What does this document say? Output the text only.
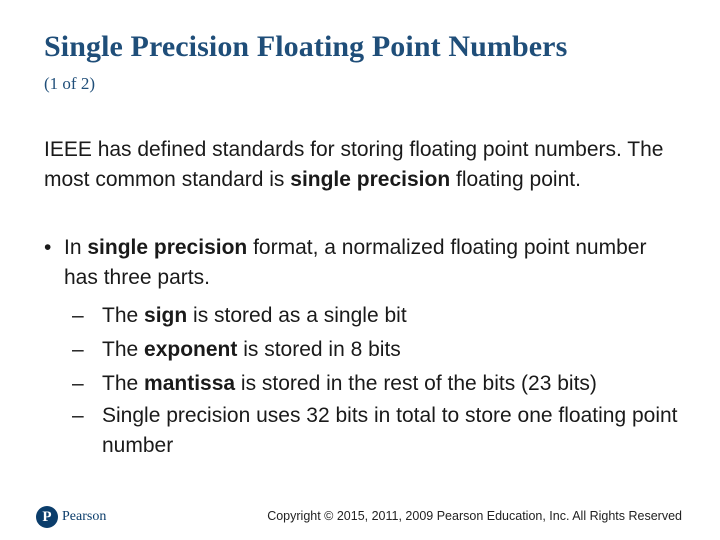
Single Precision Floating Point Numbers
(1 of 2)
IEEE has defined standards for storing floating point numbers. The most common standard is single precision floating point.
• In single precision format, a normalized floating point number has three parts.
– The sign is stored as a single bit
– The exponent is stored in 8 bits
– The mantissa is stored in the rest of the bits (23 bits)
– Single precision uses 32 bits in total to store one floating point number
P Pearson	Copyright © 2015, 2011, 2009 Pearson Education, Inc. All Rights Reserved
